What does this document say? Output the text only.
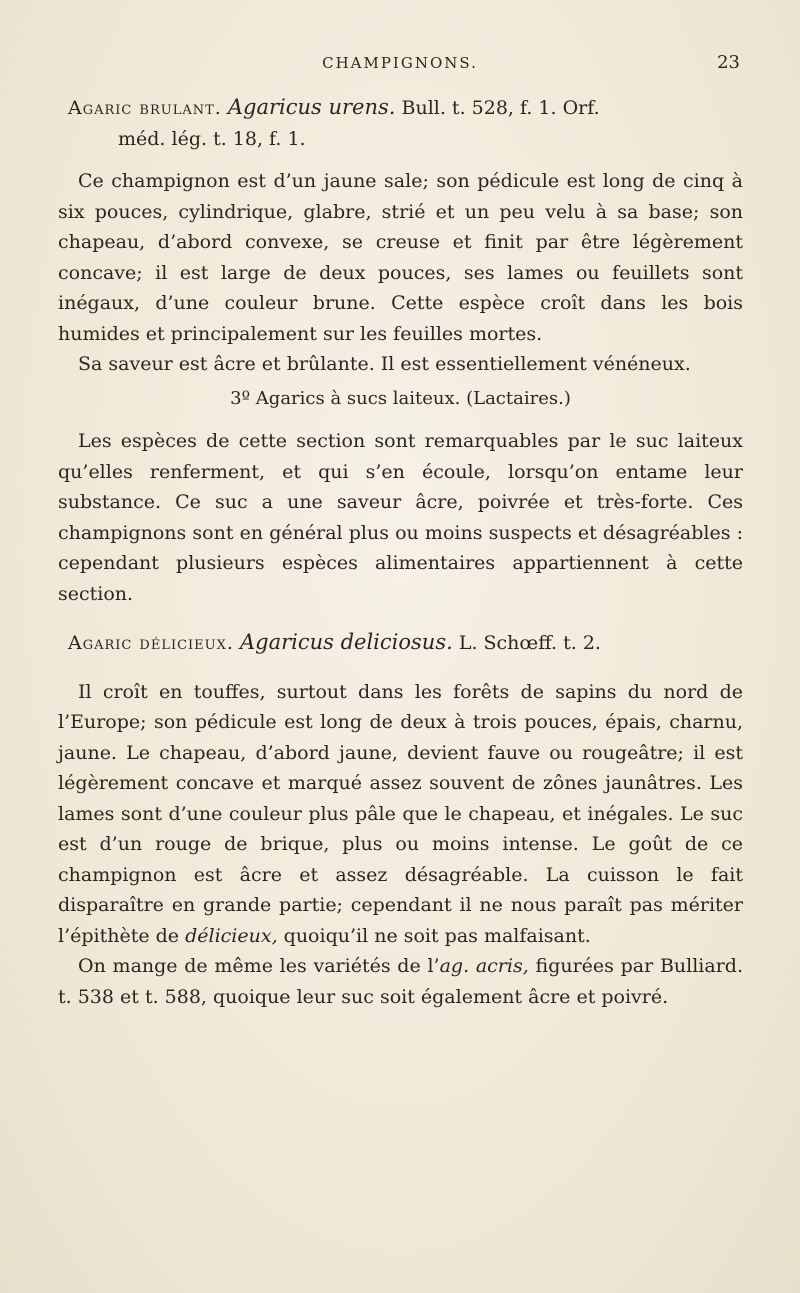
CHAMPIGNONS.	23
Agaric brulant. Agaricus urens. Bull. t. 528, f. 1. Orf.
méd. lég. t. 18, f. 1.

Ce champignon est d’un jaune sale; son pédicule est long de cinq à six pouces, cylindrique, glabre, strié et un peu velu à sa base; son chapeau, d’abord convexe, se creuse et finit par être légèrement concave; il est large de deux pouces, ses lames ou feuillets sont inégaux, d’une couleur brune. Cette espèce croît dans les bois humides et principalement sur les feuilles mortes.

Sa saveur est âcre et brûlante. Il est essentiellement vénéneux.

3º Agarics à sucs laiteux. (Lactaires.)

Les espèces de cette section sont remarquables par le suc laiteux qu’elles renferment, et qui s’en écoule, lorsqu’on entame leur substance. Ce suc a une saveur âcre, poivrée et très-forte. Ces champignons sont en général plus ou moins suspects et désagréables : cependant plusieurs espèces alimentaires appartiennent à cette section.

Agaric délicieux. Agaricus deliciosus. L. Schœff. t. 2.

Il croît en touffes, surtout dans les forêts de sapins du nord de l’Europe; son pédicule est long de deux à trois pouces, épais, charnu, jaune. Le chapeau, d’abord jaune, devient fauve ou rougeâtre; il est légèrement concave et marqué assez souvent de zônes jaunâtres. Les lames sont d’une couleur plus pâle que le chapeau, et inégales. Le suc est d’un rouge de brique, plus ou moins intense. Le goût de ce champignon est âcre et assez désagréable. La cuisson le fait disparaître en grande partie; cependant il ne nous paraît pas mériter l’épithète de délicieux, quoiqu’il ne soit pas malfaisant.

On mange de même les variétés de l’ag. acris, figurées par Bulliard. t. 538 et t. 588, quoique leur suc soit également âcre et poivré.
